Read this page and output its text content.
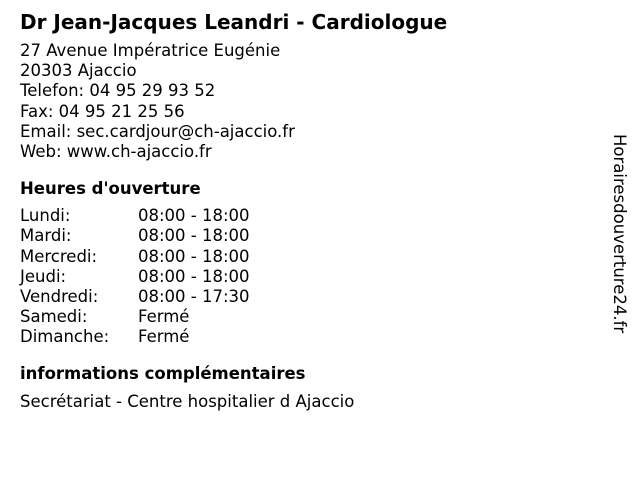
Dr Jean-Jacques Leandri - Cardiologue
27 Avenue Impératrice Eugénie
20303 Ajaccio
Telefon: 04 95 29 93 52
Fax: 04 95 21 25 56
Email: sec.cardjour@ch-ajaccio.fr
Web: www.ch-ajaccio.fr
Heures d'ouverture
Lundi:	08:00 - 18:00
Mardi:	08:00 - 18:00
Mercredi:	08:00 - 18:00
Jeudi:	08:00 - 18:00
Vendredi:	08:00 - 17:30
Samedi:	Fermé
Dimanche:	Fermé
informations complémentaires
Secrétariat - Centre hospitalier d Ajaccio
Horairesdouverture24.fr
